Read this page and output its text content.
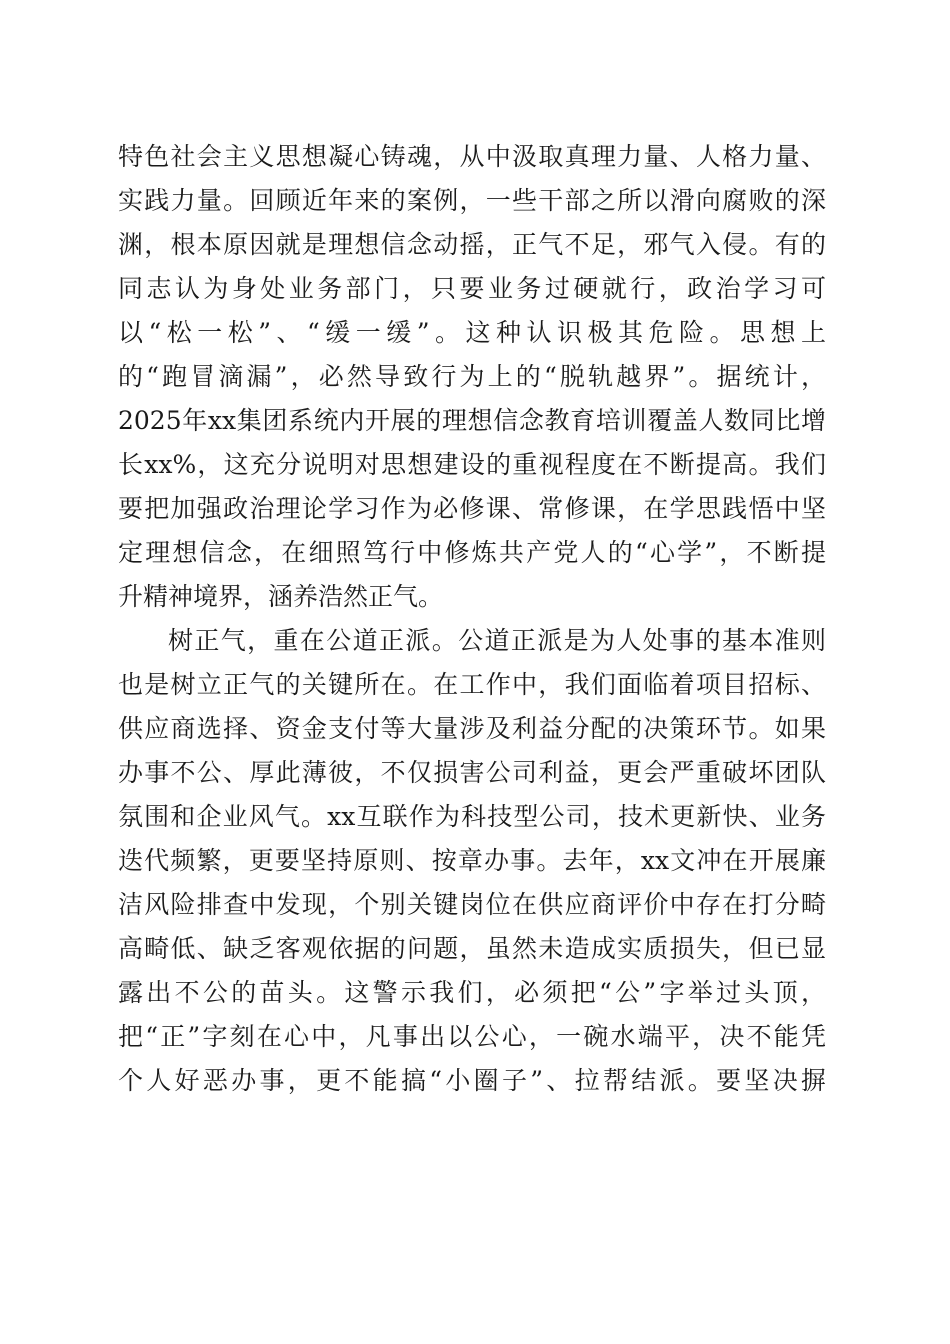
特色社会主义思想凝心铸魂，从中汲取真理力量、人格力量、
实践力量。回顾近年来的案例，一些干部之所以滑向腐败的深
渊，根本原因就是理想信念动摇，正气不足，邪气入侵。有的
同志认为身处业务部门，只要业务过硬就行，政治学习可
以“松一松”、“缓一缓”。这种认识极其危险。思想上
的“跑冒滴漏”，必然导致行为上的“脱轨越界”。据统计，
2025年xx集团系统内开展的理想信念教育培训覆盖人数同比增
长xx%，这充分说明对思想建设的重视程度在不断提高。我们
要把加强政治理论学习作为必修课、常修课，在学思践悟中坚
定理想信念，在细照笃行中修炼共产党人的“心学”，不断提
升精神境界，涵养浩然正气。
树正气，重在公道正派。公道正派是为人处事的基本准则
也是树立正气的关键所在。在工作中，我们面临着项目招标、
供应商选择、资金支付等大量涉及利益分配的决策环节。如果
办事不公、厚此薄彼，不仅损害公司利益，更会严重破坏团队
氛围和企业风气。xx互联作为科技型公司，技术更新快、业务
迭代频繁，更要坚持原则、按章办事。去年，xx文冲在开展廉
洁风险排查中发现，个别关键岗位在供应商评价中存在打分畸
高畸低、缺乏客观依据的问题，虽然未造成实质损失，但已显
露出不公的苗头。这警示我们，必须把“公”字举过头顶，
把“正”字刻在心中，凡事出以公心，一碗水端平，决不能凭
个人好恶办事，更不能搞“小圈子”、拉帮结派。要坚决摒
